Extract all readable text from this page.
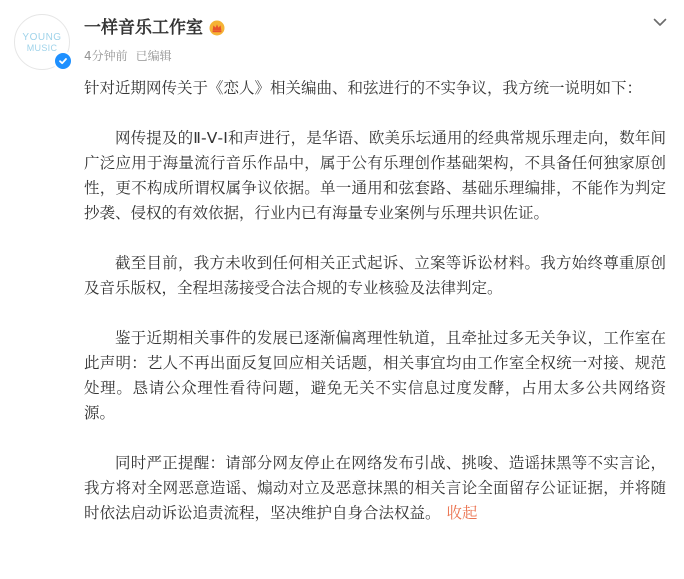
YOUNG
MUSIC
一样音乐工作室
4分钟前 已编辑

针对近期网传关于《恋人》相关编曲、和弦进行的不实争议，我方统一说明如下：

网传提及的Ⅱ-Ⅴ-Ⅰ和声进行，是华语、欧美乐坛通用的经典常规乐理走向，数年间广泛应用于海量流行音乐作品中，属于公有乐理创作基础架构，不具备任何独家原创性，更不构成所谓权属争议依据。单一通用和弦套路、基础乐理编排，不能作为判定抄袭、侵权的有效依据，行业内已有海量专业案例与乐理共识佐证。

截至目前，我方未收到任何相关正式起诉、立案等诉讼材料。我方始终尊重原创及音乐版权，全程坦荡接受合法合规的专业核验及法律判定。

鉴于近期相关事件的发展已逐渐偏离理性轨道，且牵扯过多无关争议，工作室在此声明：艺人不再出面反复回应相关话题，相关事宜均由工作室全权统一对接、规范处理。恳请公众理性看待问题，避免无关不实信息过度发酵，占用太多公共网络资源。

同时严正提醒：请部分网友停止在网络发布引战、挑唆、造谣抹黑等不实言论，我方将对全网恶意造谣、煽动对立及恶意抹黑的相关言论全面留存公证证据，并将随时依法启动诉讼追责流程，坚决维护自身合法权益。 收起
